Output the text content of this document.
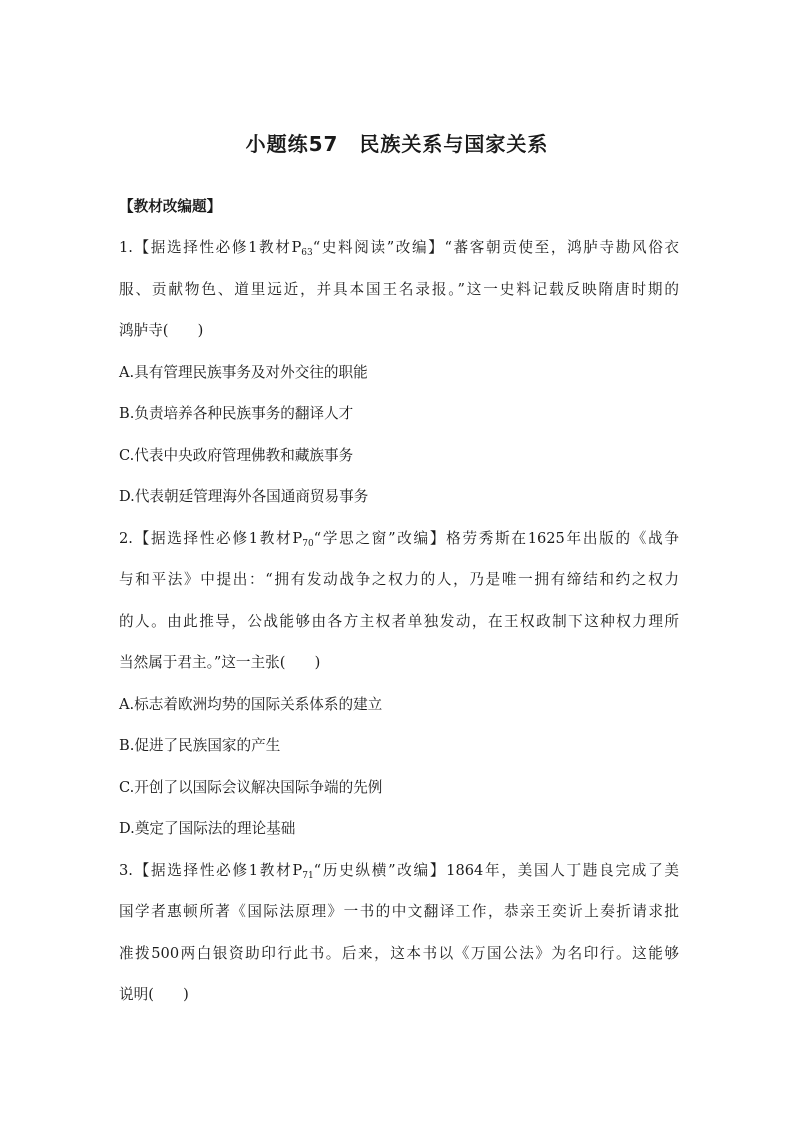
小题练57　民族关系与国家关系
【教材改编题】
1.【据选择性必修1教材$P_{63}“$史料阅读”改编】“蕃客朝贡使至，鸿胪寺勘风俗衣
服、贡献物色、道里远近，并具本国王名录报。”这一史料记载反映隋唐时期的
鸿胪寺(　　)
A.具有管理民族事务及对外交往的职能
B.负责培养各种民族事务的翻译人才
C.代表中央政府管理佛教和藏族事务
D.代表朝廷管理海外各国通商贸易事务
2.【据选择性必修1教材$P_{70}“$学思之窗”改编】格劳秀斯在1625年出版的《战争
与和平法》中提出：“拥有发动战争之权力的人，乃是唯一拥有缔结和约之权力
的人。由此推导，公战能够由各方主权者单独发动，在王权政制下这种权力理所
当然属于君主。”这一主张(　　)
A.标志着欧洲均势的国际关系体系的建立
B.促进了民族国家的产生
C.开创了以国际会议解决国际争端的先例
D.奠定了国际法的理论基础
3.【据选择性必修1教材$P_{71}“$历史纵横”改编】1864年，美国人丁韪良完成了美
国学者惠顿所著《国际法原理》一书的中文翻译工作，恭亲王奕䜣上奏折请求批
准拨500两白银资助印行此书。后来，这本书以《万国公法》为名印行。这能够
说明(　　)
